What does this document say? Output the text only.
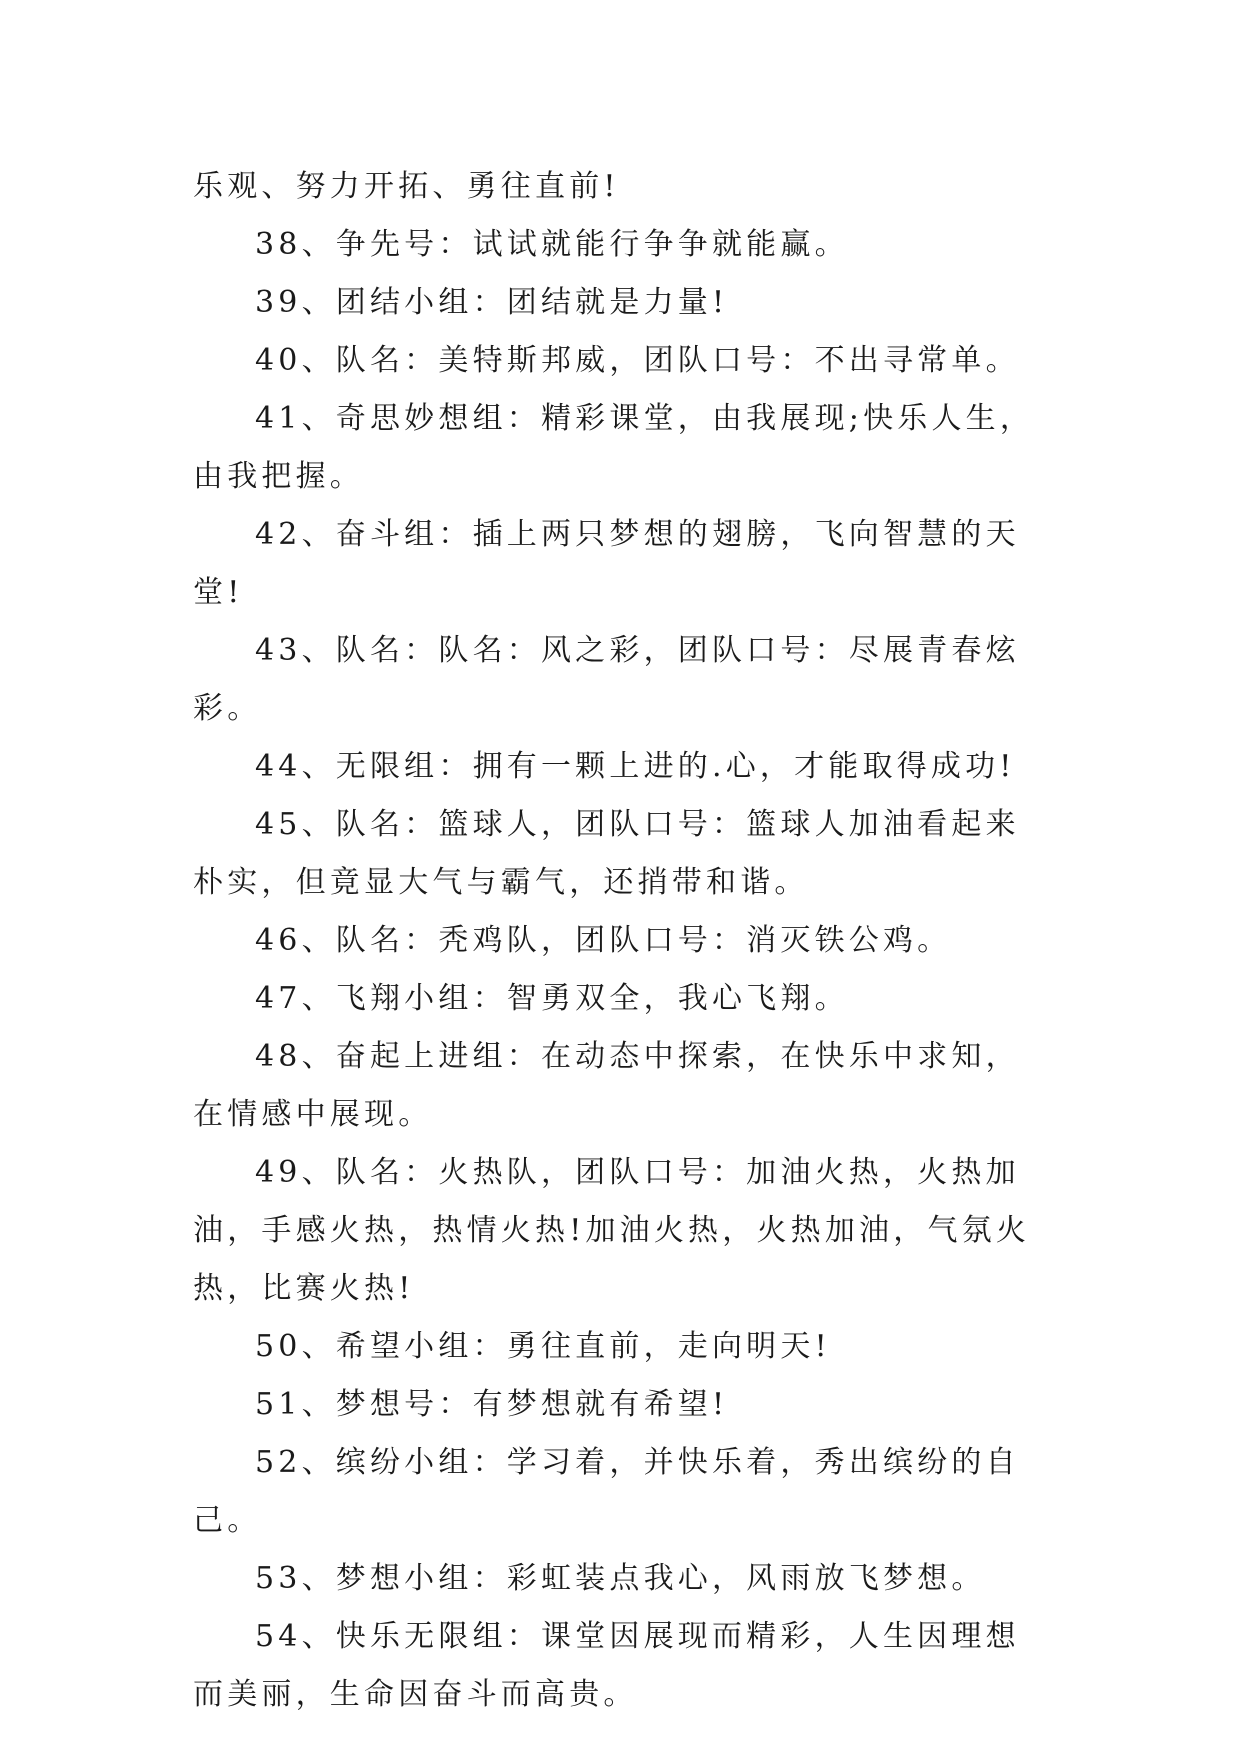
乐观、努力开拓、勇往直前!

38、争先号：试试就能行争争就能赢。

39、团结小组：团结就是力量!

40、队名：美特斯邦威，团队口号：不出寻常单。

41、奇思妙想组：精彩课堂，由我展现;快乐人生，由我把握。

42、奋斗组：插上两只梦想的翅膀，飞向智慧的天堂!

43、队名：队名：风之彩，团队口号：尽展青春炫彩。

44、无限组：拥有一颗上进的.心，才能取得成功!

45、队名：篮球人，团队口号：篮球人加油看起来朴实，但竟显大气与霸气，还捎带和谐。

46、队名：秃鸡队，团队口号：消灭铁公鸡。

47、飞翔小组：智勇双全，我心飞翔。

48、奋起上进组：在动态中探索，在快乐中求知，在情感中展现。

49、队名：火热队，团队口号：加油火热，火热加油，手感火热，热情火热!加油火热，火热加油，气氛火热，比赛火热!

50、希望小组：勇往直前，走向明天!

51、梦想号：有梦想就有希望!

52、缤纷小组：学习着，并快乐着，秀出缤纷的自己。

53、梦想小组：彩虹装点我心，风雨放飞梦想。

54、快乐无限组：课堂因展现而精彩，人生因理想而美丽，生命因奋斗而高贵。
